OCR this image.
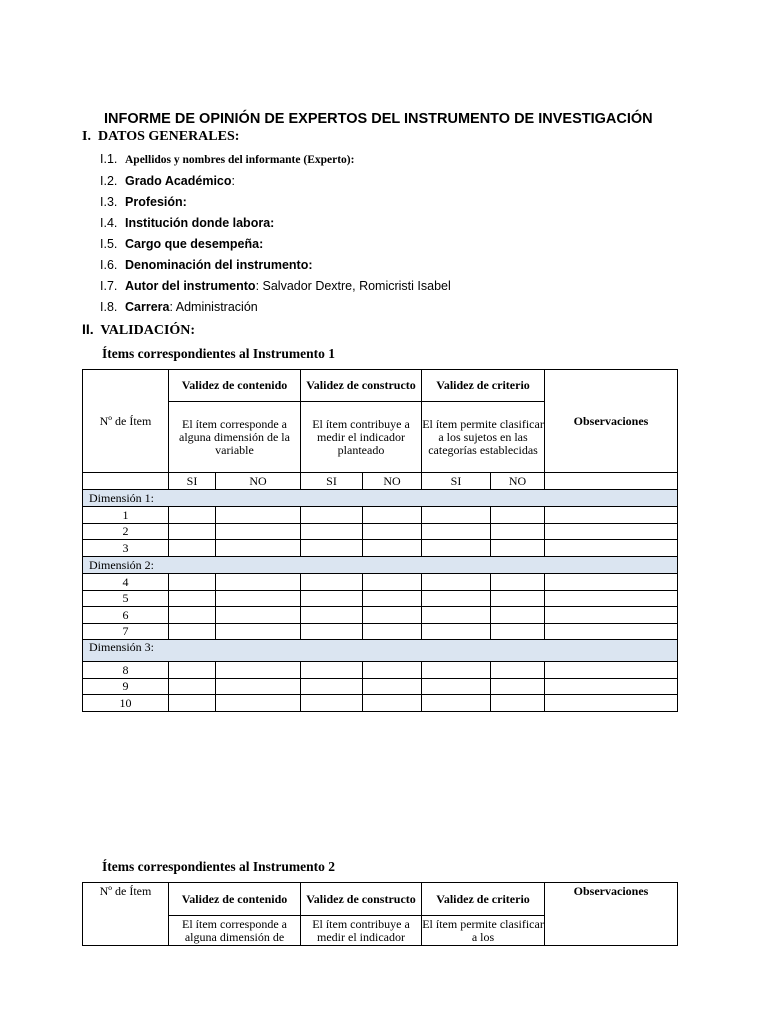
INFORME DE OPINIÓN DE EXPERTOS DEL INSTRUMENTO DE INVESTIGACIÓN
I. DATOS GENERALES:
I.1. Apellidos y nombres del informante (Experto):
I.2. Grado Académico:
I.3. Profesión:
I.4. Institución donde labora:
I.5. Cargo que desempeña:
I.6. Denominación del instrumento:
I.7. Autor del instrumento: Salvador Dextre, Romicristi Isabel
I.8. Carrera: Administración
II. VALIDACIÓN:
Ítems correspondientes al Instrumento 1
Nº de Ítem	Validez de contenido		Validez de constructo		Validez de criterio		Observaciones
	El ítem corresponde a alguna dimensión de la variable		El ítem contribuye a medir el indicador planteado		El ítem permite clasificar a los sujetos en las categorías establecidas		
	SI	NO	SI	NO	SI	NO	
Dimensión 1:							
1							
2							
3							
Dimensión 2:							
4							
5							
6							
7							
Dimensión 3:							
8							
9							
10							
Ítems correspondientes al Instrumento 2
Nº de Ítem	Validez de contenido	Validez de constructo	Validez de criterio	Observaciones
	El ítem corresponde a alguna dimensión de	El ítem contribuye a medir el indicador	El ítem permite clasificar a los	
